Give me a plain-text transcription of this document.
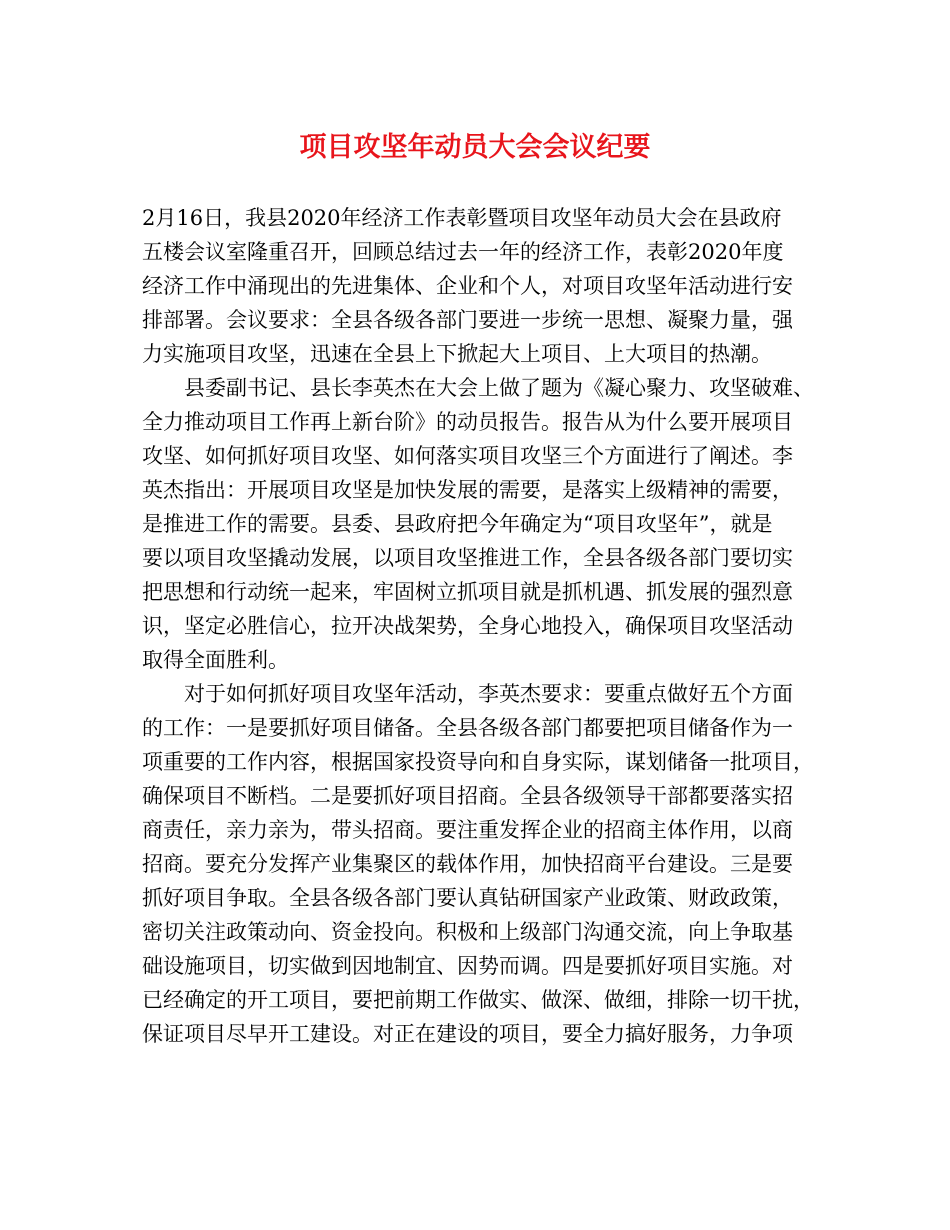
项目攻坚年动员大会会议纪要

2月16日，我县2020年经济工作表彰暨项目攻坚年动员大会在县政府
五楼会议室隆重召开，回顾总结过去一年的经济工作，表彰2020年度
经济工作中涌现出的先进集体、企业和个人，对项目攻坚年活动进行安
排部署。会议要求：全县各级各部门要进一步统一思想、凝聚力量，强
力实施项目攻坚，迅速在全县上下掀起大上项目、上大项目的热潮。

县委副书记、县长李英杰在大会上做了题为《凝心聚力、攻坚破难、
全力推动项目工作再上新台阶》的动员报告。报告从为什么要开展项目
攻坚、如何抓好项目攻坚、如何落实项目攻坚三个方面进行了阐述。李
英杰指出：开展项目攻坚是加快发展的需要，是落实上级精神的需要，
是推进工作的需要。县委、县政府把今年确定为“项目攻坚年”，就是
要以项目攻坚撬动发展，以项目攻坚推进工作，全县各级各部门要切实
把思想和行动统一起来，牢固树立抓项目就是抓机遇、抓发展的强烈意
识，坚定必胜信心，拉开决战架势，全身心地投入，确保项目攻坚活动
取得全面胜利。

对于如何抓好项目攻坚年活动，李英杰要求：要重点做好五个方面
的工作：一是要抓好项目储备。全县各级各部门都要把项目储备作为一
项重要的工作内容，根据国家投资导向和自身实际，谋划储备一批项目，
确保项目不断档。二是要抓好项目招商。全县各级领导干部都要落实招
商责任，亲力亲为，带头招商。要注重发挥企业的招商主体作用，以商
招商。要充分发挥产业集聚区的载体作用，加快招商平台建设。三是要
抓好项目争取。全县各级各部门要认真钻研国家产业政策、财政政策，
密切关注政策动向、资金投向。积极和上级部门沟通交流，向上争取基
础设施项目，切实做到因地制宜、因势而调。四是要抓好项目实施。对
已经确定的开工项目，要把前期工作做实、做深、做细，排除一切干扰，
保证项目尽早开工建设。对正在建设的项目，要全力搞好服务，力争项
